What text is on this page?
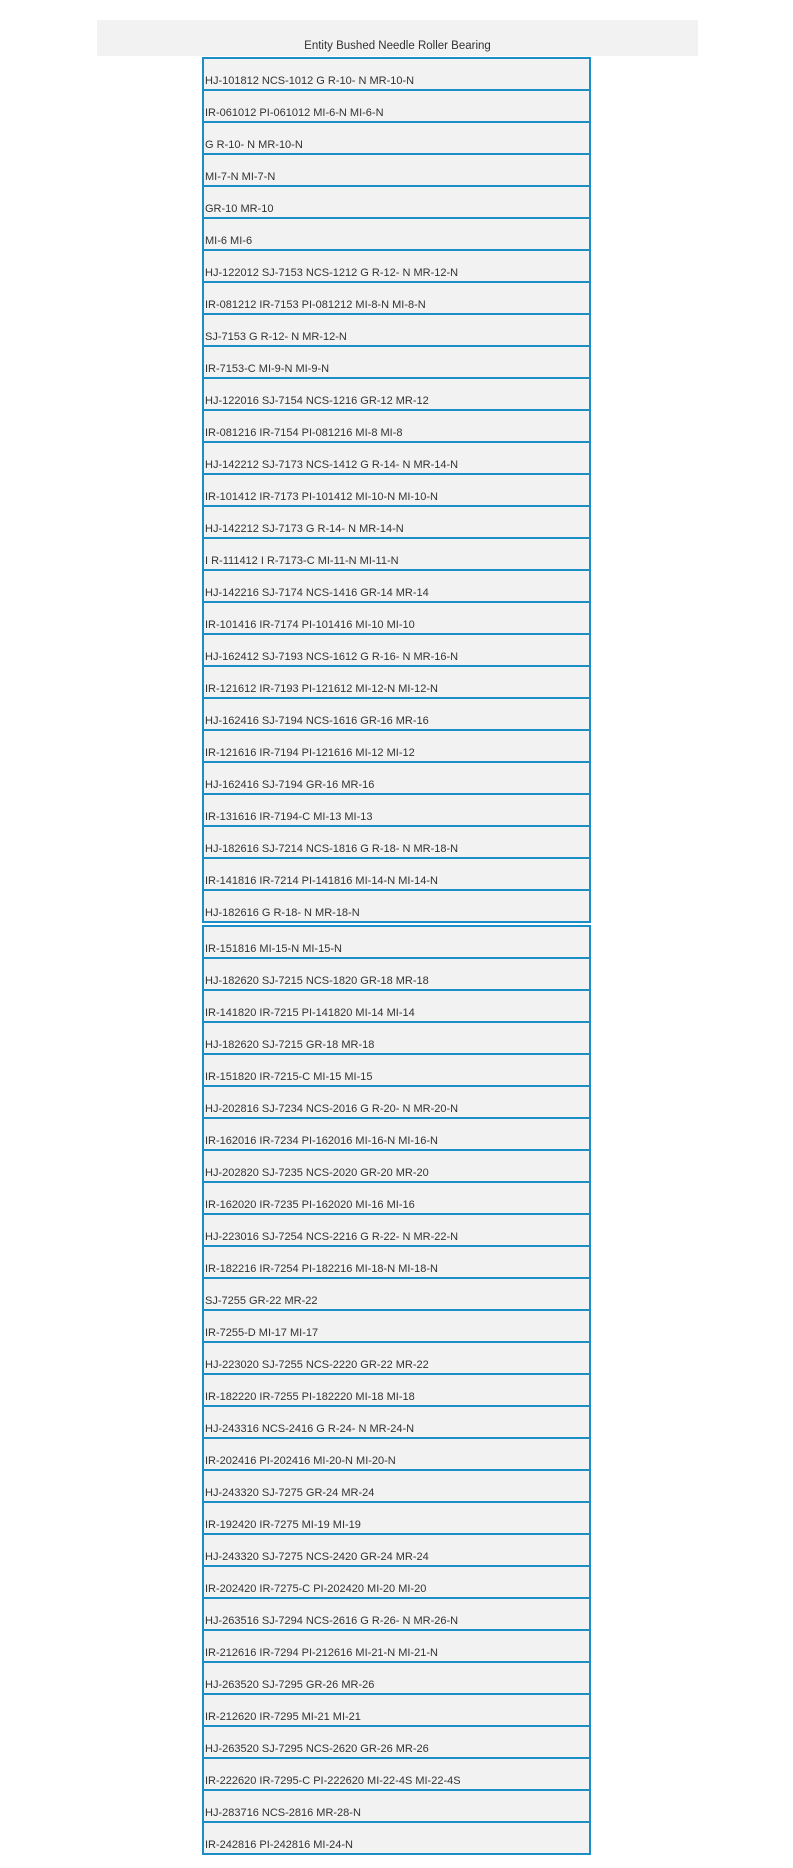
Entity Bushed Needle Roller Bearing
HJ-101812 NCS-1012 G R-10- N MR-10-N
IR-061012 PI-061012 MI-6-N MI-6-N
G R-10- N MR-10-N
MI-7-N MI-7-N
GR-10 MR-10
MI-6 MI-6
HJ-122012 SJ-7153 NCS-1212 G R-12- N MR-12-N
IR-081212 IR-7153 PI-081212 MI-8-N MI-8-N
SJ-7153 G R-12- N MR-12-N
IR-7153-C MI-9-N MI-9-N
HJ-122016 SJ-7154 NCS-1216 GR-12 MR-12
IR-081216 IR-7154 PI-081216 MI-8 MI-8
HJ-142212 SJ-7173 NCS-1412 G R-14- N MR-14-N
IR-101412 IR-7173 PI-101412 MI-10-N MI-10-N
HJ-142212 SJ-7173 G R-14- N MR-14-N
I R-111412 I R-7173-C MI-11-N MI-11-N
HJ-142216 SJ-7174 NCS-1416 GR-14 MR-14
IR-101416 IR-7174 PI-101416 MI-10 MI-10
HJ-162412 SJ-7193 NCS-1612 G R-16- N MR-16-N
IR-121612 IR-7193 PI-121612 MI-12-N MI-12-N
HJ-162416 SJ-7194 NCS-1616 GR-16 MR-16
IR-121616 IR-7194 PI-121616 MI-12 MI-12
HJ-162416 SJ-7194 GR-16 MR-16
IR-131616 IR-7194-C MI-13 MI-13
HJ-182616 SJ-7214 NCS-1816 G R-18- N MR-18-N
IR-141816 IR-7214 PI-141816 MI-14-N MI-14-N
HJ-182616 G R-18- N MR-18-N
IR-151816 MI-15-N MI-15-N
HJ-182620 SJ-7215 NCS-1820 GR-18 MR-18
IR-141820 IR-7215 PI-141820 MI-14 MI-14
HJ-182620 SJ-7215 GR-18 MR-18
IR-151820 IR-7215-C MI-15 MI-15
HJ-202816 SJ-7234 NCS-2016 G R-20- N MR-20-N
IR-162016 IR-7234 PI-162016 MI-16-N MI-16-N
HJ-202820 SJ-7235 NCS-2020 GR-20 MR-20
IR-162020 IR-7235 PI-162020 MI-16 MI-16
HJ-223016 SJ-7254 NCS-2216 G R-22- N MR-22-N
IR-182216 IR-7254 PI-182216 MI-18-N MI-18-N
SJ-7255 GR-22 MR-22
IR-7255-D MI-17 MI-17
HJ-223020 SJ-7255 NCS-2220 GR-22 MR-22
IR-182220 IR-7255 PI-182220 MI-18 MI-18
HJ-243316 NCS-2416 G R-24- N MR-24-N
IR-202416 PI-202416 MI-20-N MI-20-N
HJ-243320 SJ-7275 GR-24 MR-24
IR-192420 IR-7275 MI-19 MI-19
HJ-243320 SJ-7275 NCS-2420 GR-24 MR-24
IR-202420 IR-7275-C PI-202420 MI-20 MI-20
HJ-263516 SJ-7294 NCS-2616 G R-26- N MR-26-N
IR-212616 IR-7294 PI-212616 MI-21-N MI-21-N
HJ-263520 SJ-7295 GR-26 MR-26
IR-212620 IR-7295 MI-21 MI-21
HJ-263520 SJ-7295 NCS-2620 GR-26 MR-26
IR-222620 IR-7295-C PI-222620 MI-22-4S MI-22-4S
HJ-283716 NCS-2816 MR-28-N
IR-242816 PI-242816 MI-24-N
